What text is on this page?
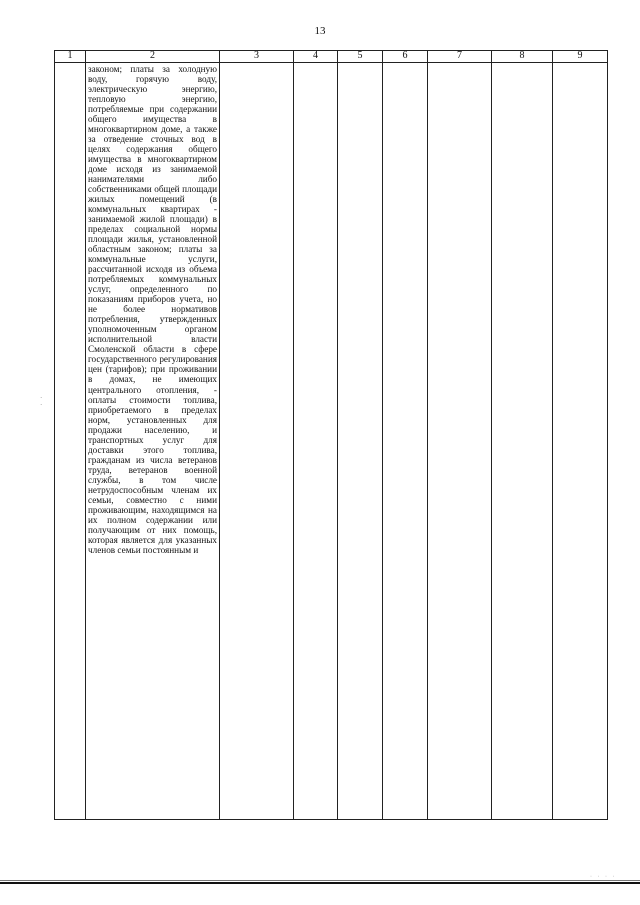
13
1	2	3	4	5	6	7	8	9

	законом; платы за холодную воду, горячую воду, электрическую энергию, тепловую энергию, потребляемые при содержании общего имущества в многоквартирном доме, а также за отведение сточных вод в целях содержания общего имущества в многоквартирном доме исходя из занимаемой нанимателями либо собственниками общей площади жилых помещений (в коммунальных квартирах - занимаемой жилой площади) в пределах социальной нормы площади жилья, установленной областным законом; платы за коммунальные услуги, рассчитанной исходя из объема потребляемых коммунальных услуг, определенного по показаниям приборов учета, но не более нормативов потребления, утвержденных уполномоченным органом исполнительной власти Смоленской области в сфере государственного регулирования цен (тарифов); при проживании в домах, не имеющих центрального отопления, - оплаты стоимости топлива, приобретаемого в пределах норм, установленных для продажи населению, и транспортных услуг для доставки этого топлива, гражданам из числа ветеранов труда, ветеранов военной службы, в том числе нетрудоспособным членам их семьи, совместно с ними проживающим, находящимся на их полном содержании или получающим от них помощь, которая является для указанных членов семьи постоянным и							

·
·
· · · ·
